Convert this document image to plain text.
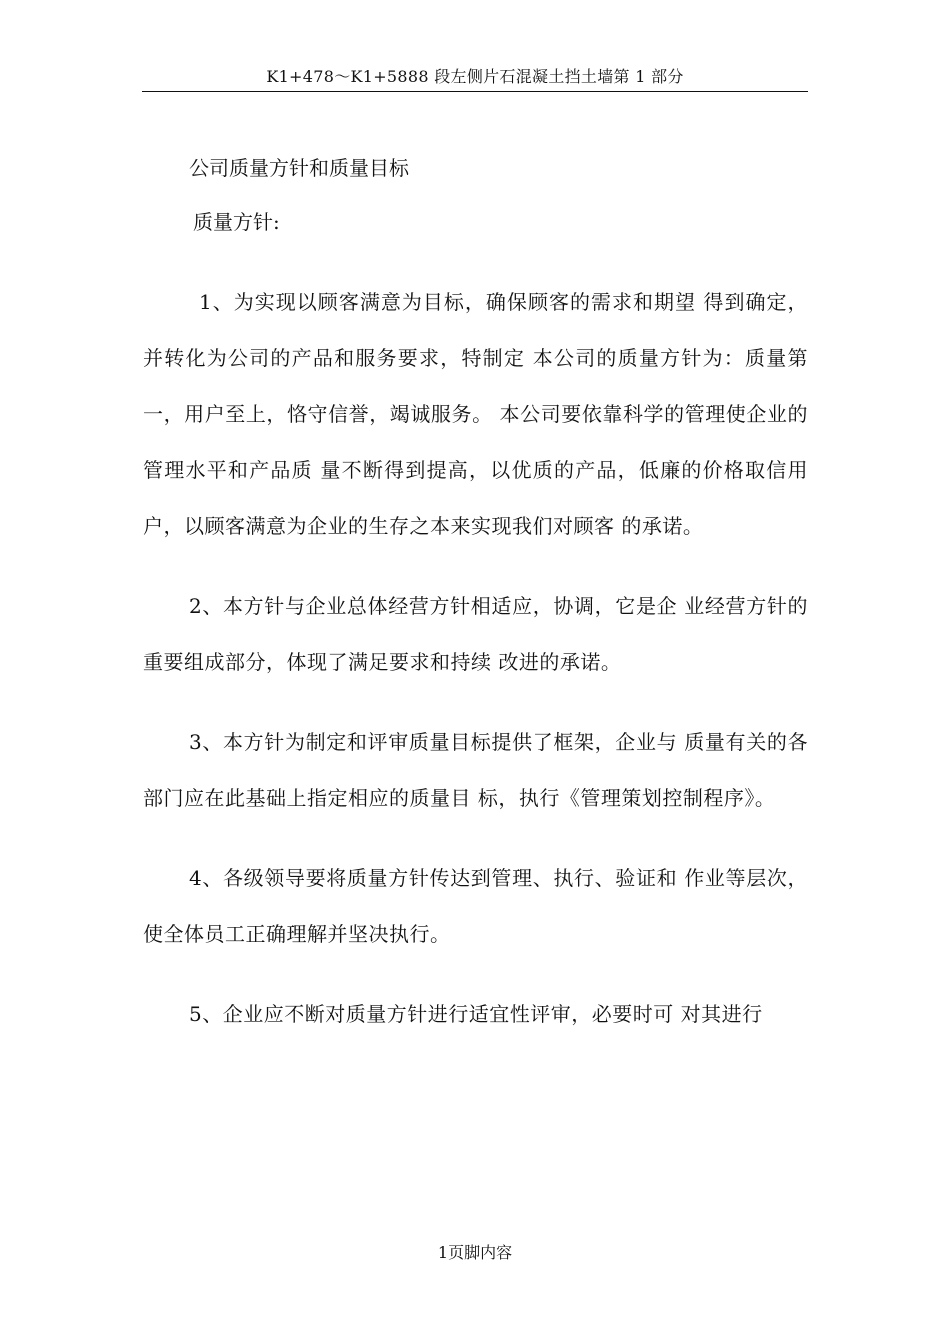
K1+478～K1+5888 段左侧片石混凝土挡土墙第 1 部分
公司质量方针和质量目标
质量方针:

1、为实现以顾客满意为目标，确保顾客的需求和期望 得到确定，并转化为公司的产品和服务要求，特制定 本公司的质量方针为：质量第一，用户至上，恪守信誉，竭诚服务。 本公司要依靠科学的管理使企业的管理水平和产品质 量不断得到提高，以优质的产品，低廉的价格取信用 户，以顾客满意为企业的生存之本来实现我们对顾客 的承诺。

2、本方针与企业总体经营方针相适应，协调，它是企 业经营方针的重要组成部分，体现了满足要求和持续 改进的承诺。

3、本方针为制定和评审质量目标提供了框架，企业与 质量有关的各部门应在此基础上指定相应的质量目 标，执行《管理策划控制程序》。

4、各级领导要将质量方针传达到管理、执行、验证和 作业等层次，使全体员工正确理解并坚决执行。

5、企业应不断对质量方针进行适宜性评审，必要时可 对其进行

1页脚内容
